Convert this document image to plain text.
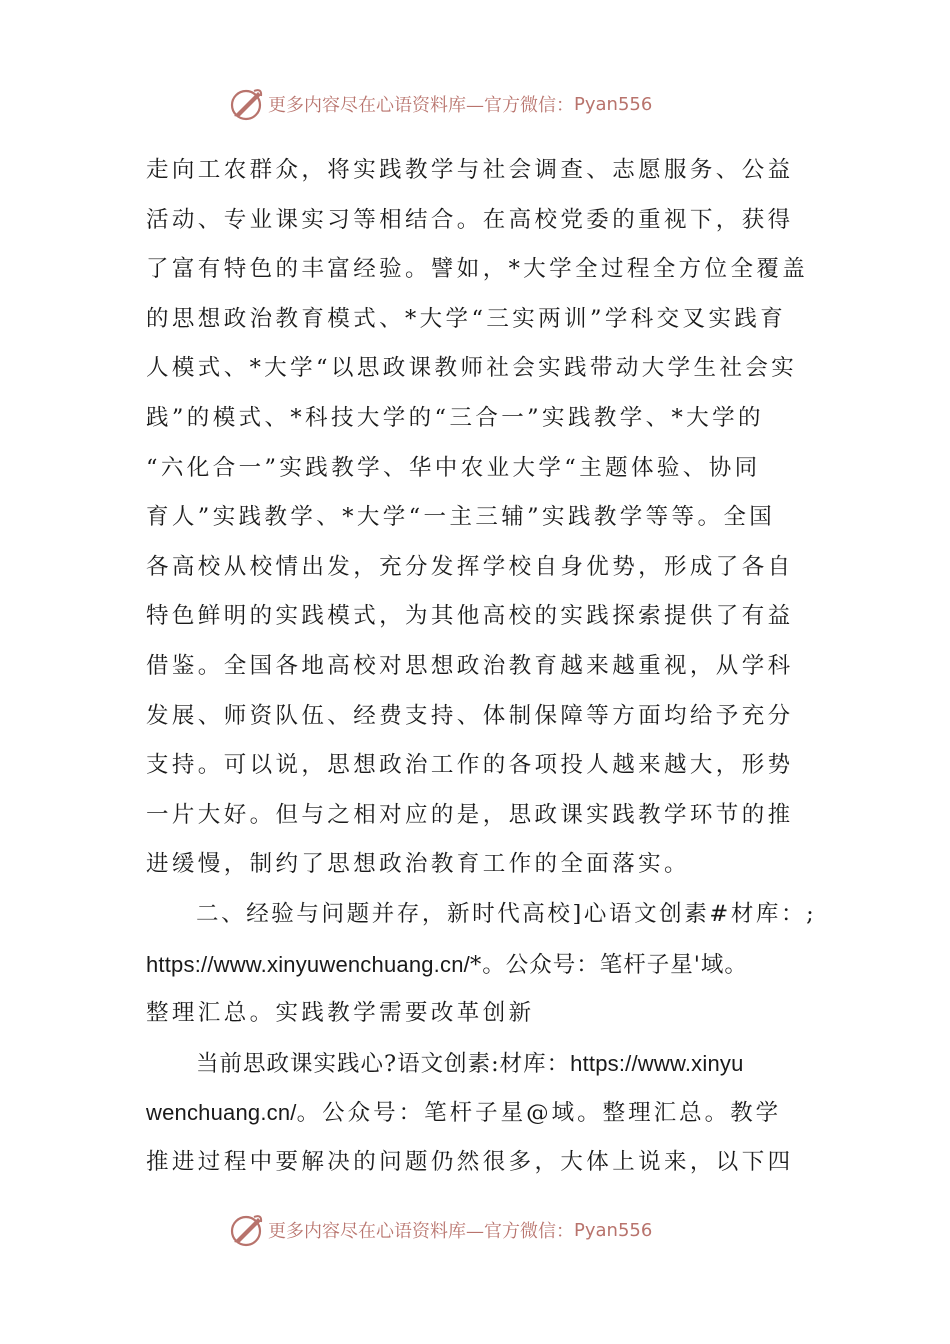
更多内容尽在心语资料库—官方微信： Pyan556
走向工农群众，将实践教学与社会调查、志愿服务、公益
活动、专业课实习等相结合。在高校党委的重视下，获得
了富有特色的丰富经验。譬如，*大学全过程全方位全覆盖
的思想政治教育模式、*大学“三实两训”学科交叉实践育
人模式、*大学“以思政课教师社会实践带动大学生社会实
践”的模式、*科技大学的“三合一”实践教学、*大学的
“六化合一”实践教学、华中农业大学“主题体验、协同
育人”实践教学、*大学“一主三辅”实践教学等等。全国
各高校从校情出发，充分发挥学校自身优势，形成了各自
特色鲜明的实践模式，为其他高校的实践探索提供了有益
借鉴。全国各地高校对思想政治教育越来越重视，从学科
发展、师资队伍、经费支持、体制保障等方面均给予充分
支持。可以说，思想政治工作的各项投人越来越大，形势
一片大好。但与之相对应的是，思政课实践教学环节的推
进缓慢，制约了思想政治教育工作的全面落实。
二、经验与问题并存，新时代高校]心语文创素#材库：;
https://www.xinyuwenchuang.cn/*。公众号：笔杆子星'域。
整理汇总。实践教学需要改革创新
当前思政课实践心?语文创素:材库：https://www.xinyu
wenchuang.cn/。公众号：笔杆子星@域。整理汇总。教学
推进过程中要解决的问题仍然很多，大体上说来，以下四
更多内容尽在心语资料库—官方微信： Pyan556
